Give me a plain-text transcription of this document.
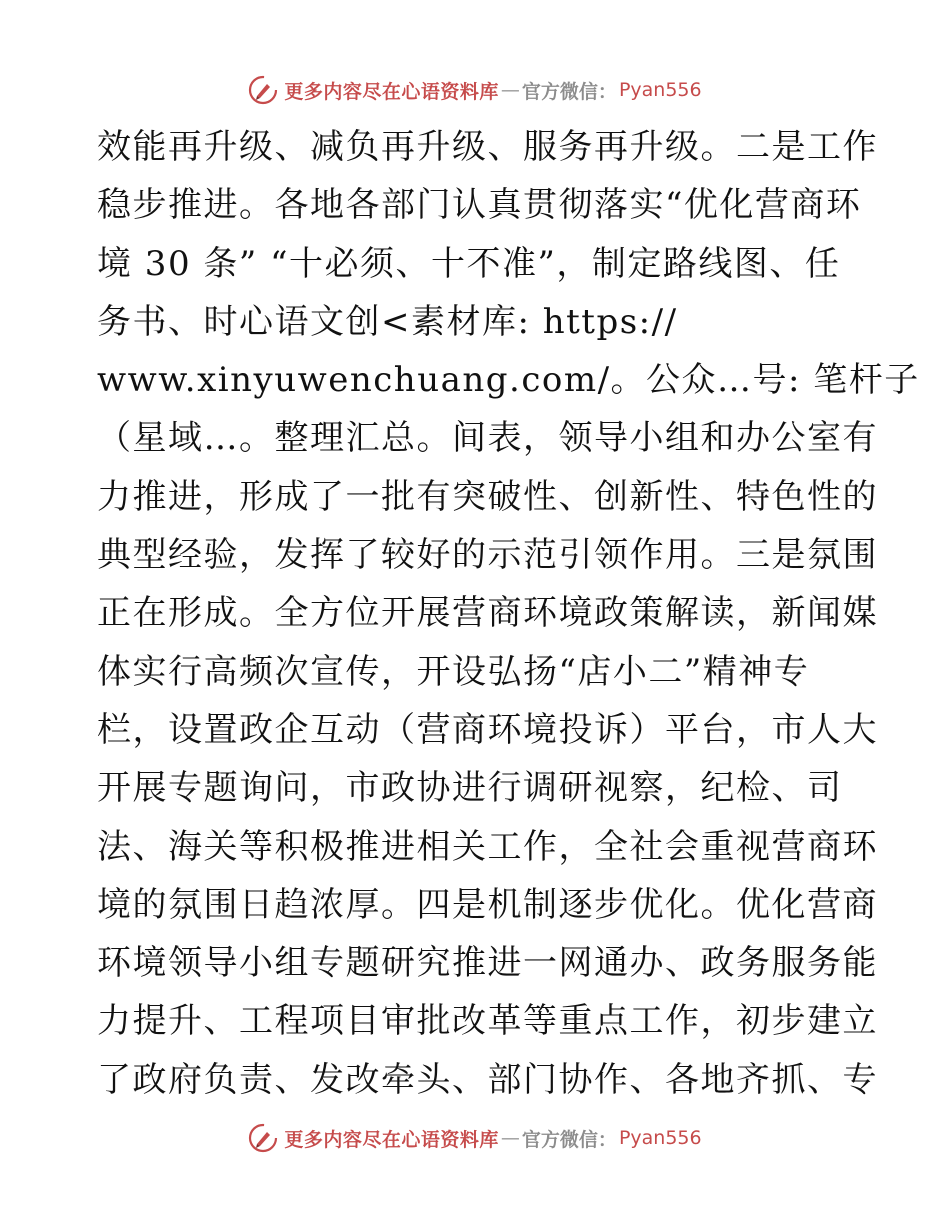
更多内容尽在心语资料库 — 官方微信： Pyan556
效能再升级、减负再升级、服务再升级。二是工作
稳步推进。各地各部门认真贯彻落实“优化营商环
境 30 条” “十必须、十不准”，制定路线图、任
务书、时心语文创<素材库: https://
www.xinyuwenchuang.com/。公众…号: 笔杆子
（星域…。整理汇总。间表，领导小组和办公室有
力推进，形成了一批有突破性、创新性、特色性的
典型经验，发挥了较好的示范引领作用。三是氛围
正在形成。全方位开展营商环境政策解读，新闻媒
体实行高频次宣传，开设弘扬“店小二”精神专
栏，设置政企互动（营商环境投诉）平台，市人大
开展专题询问，市政协进行调研视察，纪检、司
法、海关等积极推进相关工作，全社会重视营商环
境的氛围日趋浓厚。四是机制逐步优化。优化营商
环境领导小组专题研究推进一网通办、政务服务能
力提升、工程项目审批改革等重点工作，初步建立
了政府负责、发改牵头、部门协作、各地齐抓、专
更多内容尽在心语资料库 — 官方微信： Pyan556
